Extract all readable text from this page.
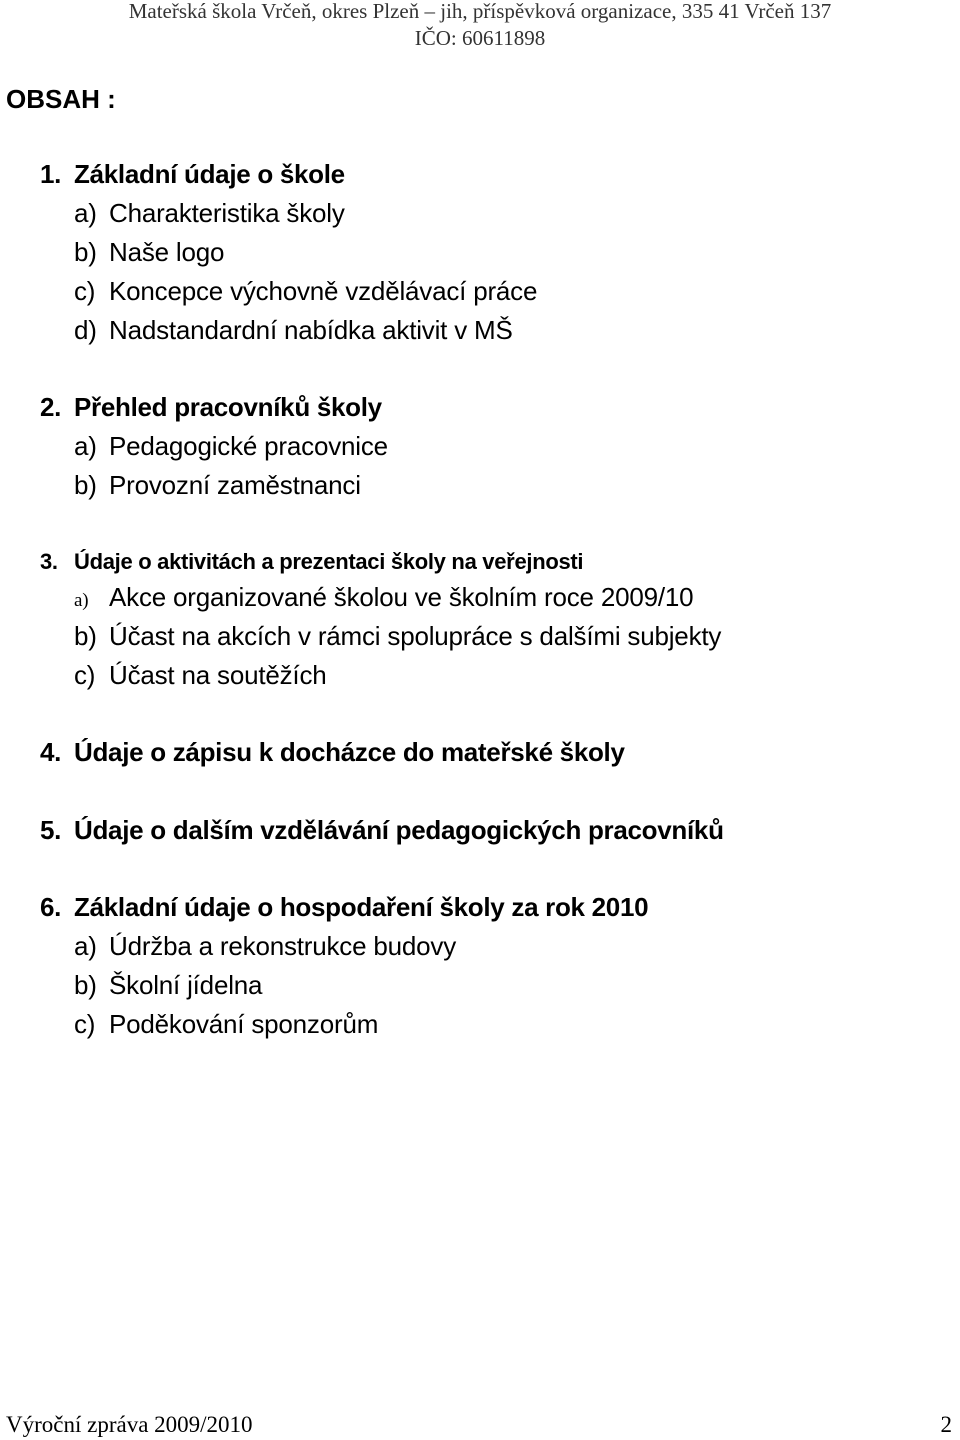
Mateřská škola Vrčeň, okres Plzeň – jih, příspěvková organizace, 335 41 Vrčeň 137
IČO: 60611898
OBSAH :
1. Základní údaje o škole
a) Charakteristika školy
b) Naše logo
c) Koncepce výchovně vzdělávací práce
d) Nadstandardní nabídka aktivit v MŠ
2. Přehled pracovníků školy
a) Pedagogické pracovnice
b) Provozní zaměstnanci
3. Údaje o aktivitách a prezentaci školy na veřejnosti
a) Akce organizované školou ve školním roce 2009/10
b) Účast na akcích v rámci spolupráce s dalšími subjekty
c) Účast na soutěžích
4. Údaje o zápisu k docházce do mateřské školy
5. Údaje o dalším vzdělávání pedagogických pracovníků
6. Základní údaje o hospodaření školy za rok 2010
a) Údržba a rekonstrukce budovy
b) Školní jídelna
c) Poděkování sponzorům
Výroční zpráva 2009/2010	2
